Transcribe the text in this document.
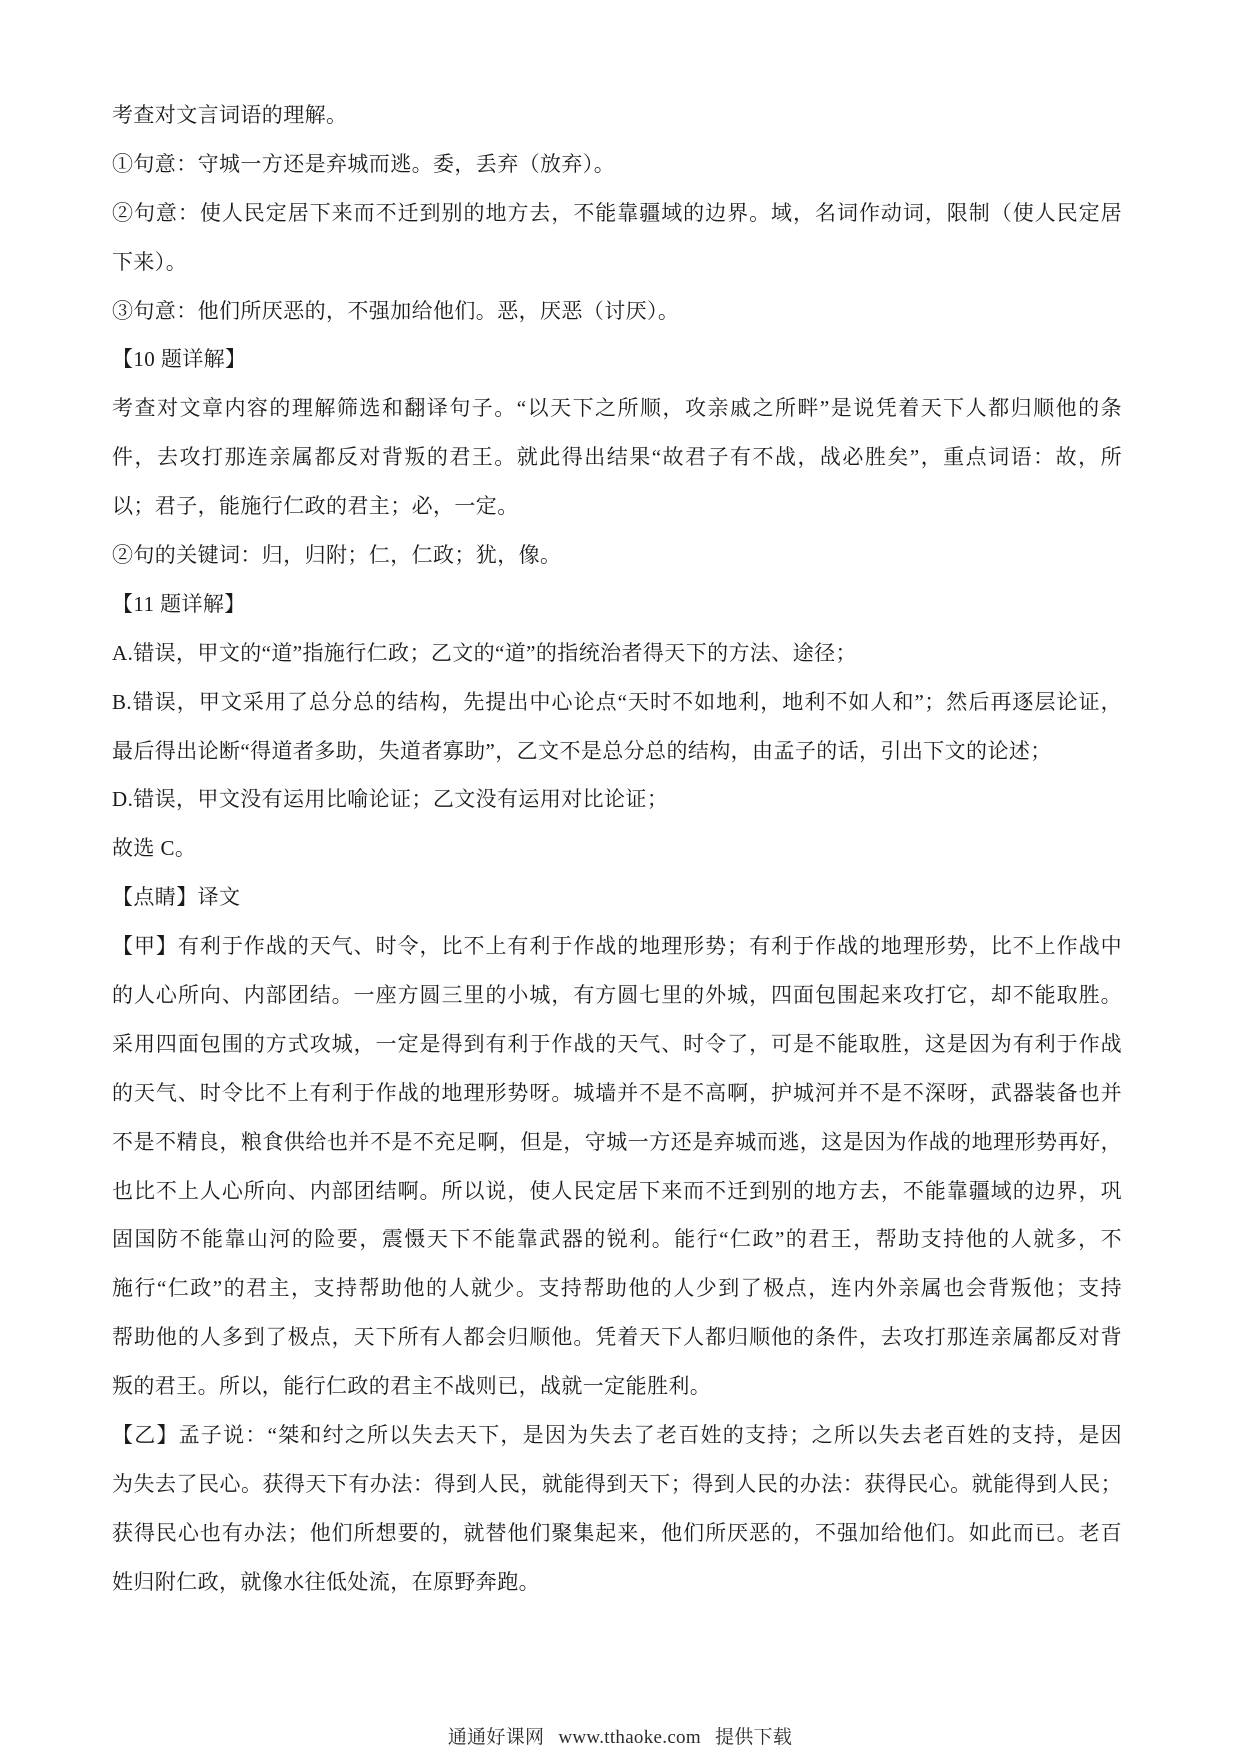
考查对文言词语的理解。
①句意：守城一方还是弃城而逃。委，丢弃（放弃）。
②句意：使人民定居下来而不迁到别的地方去，不能靠疆域的边界。域，名词作动词，限制（使人民定居
下来）。
③句意：他们所厌恶的，不强加给他们。恶，厌恶（讨厌）。
【10 题详解】
考查对文章内容的理解筛选和翻译句子。“以天下之所顺，攻亲戚之所畔”是说凭着天下人都归顺他的条
件，去攻打那连亲属都反对背叛的君王。就此得出结果“故君子有不战，战必胜矣”，重点词语：故，所
以；君子，能施行仁政的君主；必，一定。
②句的关键词：归，归附；仁，仁政；犹，像。
【11 题详解】
A.错误，甲文的“道”指施行仁政；乙文的“道”的指统治者得天下的方法、途径；
B.错误，甲文采用了总分总的结构，先提出中心论点“天时不如地利，地利不如人和”；然后再逐层论证，
最后得出论断“得道者多助，失道者寡助”，乙文不是总分总的结构，由孟子的话，引出下文的论述；
D.错误，甲文没有运用比喻论证；乙文没有运用对比论证；
故选 C。
【点睛】译文
【甲】有利于作战的天气、时令，比不上有利于作战的地理形势；有利于作战的地理形势，比不上作战中
的人心所向、内部团结。一座方圆三里的小城，有方圆七里的外城，四面包围起来攻打它，却不能取胜。
采用四面包围的方式攻城，一定是得到有利于作战的天气、时令了，可是不能取胜，这是因为有利于作战
的天气、时令比不上有利于作战的地理形势呀。城墙并不是不高啊，护城河并不是不深呀，武器装备也并
不是不精良，粮食供给也并不是不充足啊，但是，守城一方还是弃城而逃，这是因为作战的地理形势再好，
也比不上人心所向、内部团结啊。所以说，使人民定居下来而不迁到别的地方去，不能靠疆域的边界，巩
固国防不能靠山河的险要，震慑天下不能靠武器的锐利。能行“仁政”的君王，帮助支持他的人就多，不
施行“仁政”的君主，支持帮助他的人就少。支持帮助他的人少到了极点，连内外亲属也会背叛他；支持
帮助他的人多到了极点，天下所有人都会归顺他。凭着天下人都归顺他的条件，去攻打那连亲属都反对背
叛的君王。所以，能行仁政的君主不战则已，战就一定能胜利。
【乙】孟子说：“桀和纣之所以失去天下，是因为失去了老百姓的支持；之所以失去老百姓的支持，是因
为失去了民心。获得天下有办法：得到人民，就能得到天下；得到人民的办法：获得民心。就能得到人民；
获得民心也有办法；他们所想要的，就替他们聚集起来，他们所厌恶的，不强加给他们。如此而已。老百
姓归附仁政，就像水往低处流，在原野奔跑。
通通好课网 www.tthaoke.com 提供下载
